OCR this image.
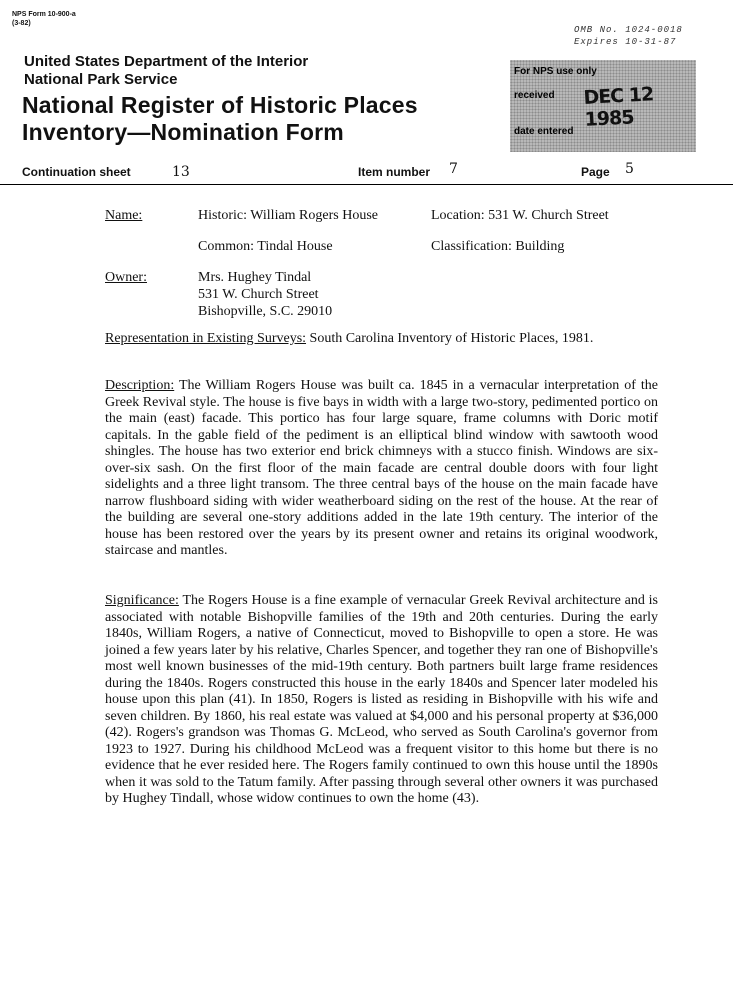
NPS Form 10-900-a
(3-82)
OMB No. 1024-0018
Expires 10-31-87
United States Department of the Interior
National Park Service
National Register of Historic Places
Inventory—Nomination Form
For NPS use only
received DEC 12 1985
date entered
Continuation sheet	13	Item number 7	Page 5
Name:	Historic: William Rogers House	Location: 531 W. Church Street
Common: Tindal House	Classification: Building
Owner:	Mrs. Hughey Tindal
531 W. Church Street
Bishopville, S.C. 29010
Representation in Existing Surveys: South Carolina Inventory of Historic Places, 1981.
Description: The William Rogers House was built ca. 1845 in a vernacular interpretation of the Greek Revival style. The house is five bays in width with a large two-story, pedimented portico on the main (east) facade. This portico has four large square, frame columns with Doric motif capitals. In the gable field of the pediment is an elliptical blind window with sawtooth wood shingles. The house has two exterior end brick chimneys with a stucco finish. Windows are six-over-six sash. On the first floor of the main facade are central double doors with four light sidelights and a three light transom. The three central bays of the house on the main facade have narrow flushboard siding with wider weatherboard siding on the rest of the house. At the rear of the building are several one-story additions added in the late 19th century. The interior of the house has been restored over the years by its present owner and retains its original woodwork, staircase and mantles.
Significance: The Rogers House is a fine example of vernacular Greek Revival architecture and is associated with notable Bishopville families of the 19th and 20th centuries. During the early 1840s, William Rogers, a native of Connecticut, moved to Bishopville to open a store. He was joined a few years later by his relative, Charles Spencer, and together they ran one of Bishopville's most well known businesses of the mid-19th century. Both partners built large frame residences during the 1840s. Rogers constructed this house in the early 1840s and Spencer later modeled his house upon this plan (41). In 1850, Rogers is listed as residing in Bishopville with his wife and seven children. By 1860, his real estate was valued at $4,000 and his personal property at $36,000 (42). Rogers's grandson was Thomas G. McLeod, who served as South Carolina's governor from 1923 to 1927. During his childhood McLeod was a frequent visitor to this home but there is no evidence that he ever resided here. The Rogers family continued to own this house until the 1890s when it was sold to the Tatum family. After passing through several other owners it was purchased by Hughey Tindall, whose widow continues to own the home (43).
